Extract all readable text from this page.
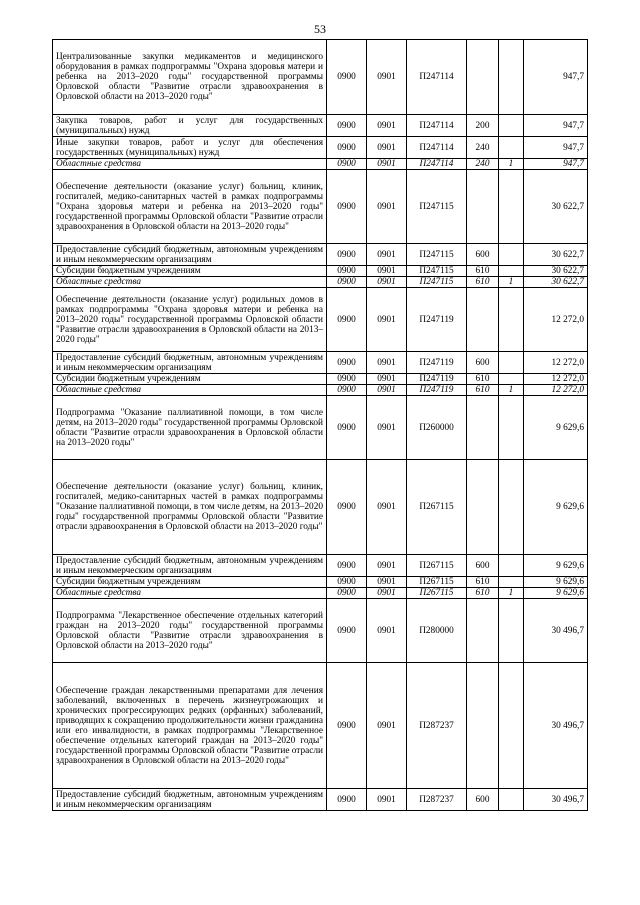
53
Централизованные закупки медикаментов и медицинского оборудования в рамках подпрограммы "Охрана здоровья матери и ребенка на 2013–2020 годы" государственной программы Орловской области "Развитие отрасли здравоохранения в Орловской области на 2013–2020 годы"	0900	0901	П247114			947,7
Закупка товаров, работ и услуг для государственных (муниципальных) нужд	0900	0901	П247114	200		947,7
Иные закупки товаров, работ и услуг для обеспечения государственных (муниципальных) нужд	0900	0901	П247114	240		947,7
Областные средства	0900	0901	П247114	240	1	947,7
Обеспечение деятельности (оказание услуг) больниц, клиник, госпиталей, медико-санитарных частей в рамках подпрограммы "Охрана здоровья матери и ребенка на 2013–2020 годы" государственной программы Орловской области "Развитие отрасли здравоохранения в Орловской области на 2013–2020 годы"	0900	0901	П247115			30 622,7
Предоставление субсидий бюджетным, автономным учреждениям и иным некоммерческим организациям	0900	0901	П247115	600		30 622,7
Субсидии бюджетным учреждениям	0900	0901	П247115	610		30 622,7
Областные средства	0900	0901	П247115	610	1	30 622,7
Обеспечение деятельности (оказание услуг) родильных домов в рамках подпрограммы "Охрана здоровья матери и ребенка на 2013–2020 годы" государственной программы Орловской области "Развитие отрасли здравоохранения в Орловской области на 2013–2020 годы"	0900	0901	П247119			12 272,0
Предоставление субсидий бюджетным, автономным учреждениям и иным некоммерческим организациям	0900	0901	П247119	600		12 272,0
Субсидии бюджетным учреждениям	0900	0901	П247119	610		12 272,0
Областные средства	0900	0901	П247119	610	1	12 272,0
Подпрограмма "Оказание паллиативной помощи, в том числе детям, на 2013–2020 годы" государственной программы Орловской области "Развитие отрасли здравоохранения в Орловской области на 2013–2020 годы"	0900	0901	П260000			9 629,6
Обеспечение деятельности (оказание услуг) больниц, клиник, госпиталей, медико-санитарных частей в рамках подпрограммы "Оказание паллиативной помощи, в том числе детям, на 2013–2020 годы" государственной программы Орловской области "Развитие отрасли здравоохранения в Орловской области на 2013–2020 годы"	0900	0901	П267115			9 629,6
Предоставление субсидий бюджетным, автономным учреждениям и иным некоммерческим организациям	0900	0901	П267115	600		9 629,6
Субсидии бюджетным учреждениям	0900	0901	П267115	610		9 629,6
Областные средства	0900	0901	П267115	610	1	9 629,6
Подпрограмма "Лекарственное обеспечение отдельных категорий граждан на 2013–2020 годы" государственной программы Орловской области "Развитие отрасли здравоохранения в Орловской области на 2013–2020 годы"	0900	0901	П280000			30 496,7
Обеспечение граждан лекарственными препаратами для лечения заболеваний, включенных в перечень жизнеугрожающих и хронических прогрессирующих редких (орфанных) заболеваний, приводящих к сокращению продолжительности жизни гражданина или его инвалидности, в рамках подпрограммы "Лекарственное обеспечение отдельных категорий граждан на 2013–2020 годы" государственной программы Орловской области "Развитие отрасли здравоохранения в Орловской области на 2013–2020 годы"	0900	0901	П287237			30 496,7
Предоставление субсидий бюджетным, автономным учреждениям и иным некоммерческим организациям	0900	0901	П287237	600		30 496,7
